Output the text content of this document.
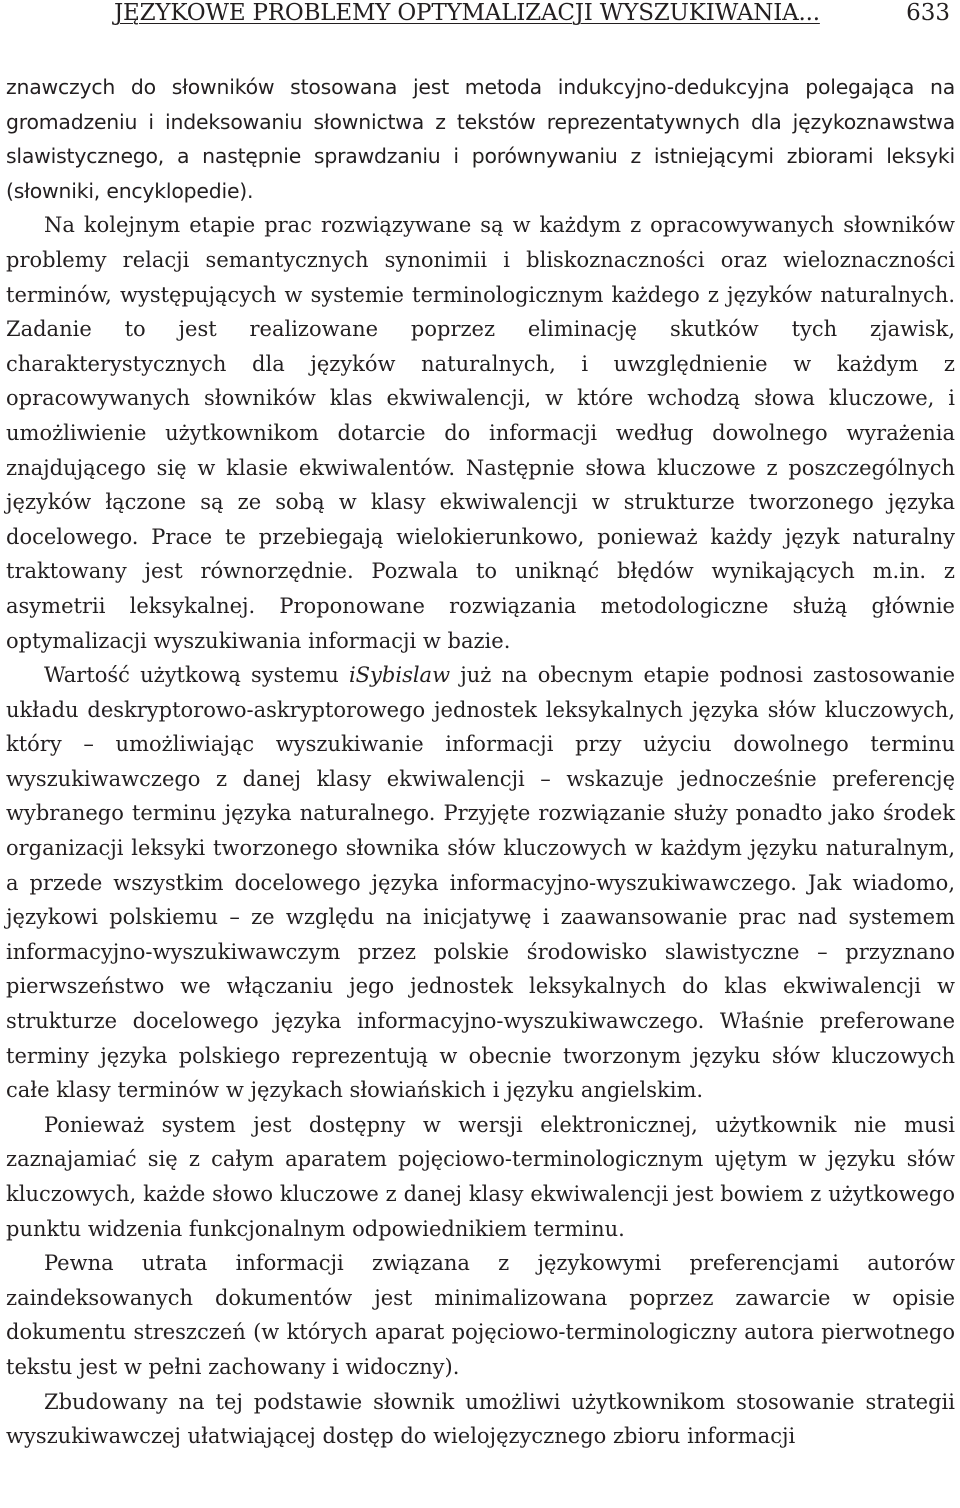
JĘZYKOWE PROBLEMY OPTYMALIZACJI WYSZUKIWANIA...	633

znawczych do słowników stosowana jest metoda indukcyjno-dedukcyjna polegająca na gromadzeniu i indeksowaniu słownictwa z tekstów reprezentatywnych dla językoznawstwa slawistycznego, a następnie sprawdzaniu i porównywaniu z istniejącymi zbiorami leksyki (słowniki, encyklopedie).

Na kolejnym etapie prac rozwiązywane są w każdym z opracowywanych słowników problemy relacji semantycznych synonimii i bliskoznaczności oraz wieloznaczności terminów, występujących w systemie terminologicznym każdego z języków naturalnych. Zadanie to jest realizowane poprzez eliminację skutków tych zjawisk, charakterystycznych dla języków naturalnych, i uwzględnienie w każdym z opracowywanych słowników klas ekwiwalencji, w które wchodzą słowa kluczowe, i umożliwienie użytkownikom dotarcie do informacji według dowolnego wyrażenia znajdującego się w klasie ekwiwalentów. Następnie słowa kluczowe z poszczególnych języków łączone są ze sobą w klasy ekwiwalencji w strukturze tworzonego języka docelowego. Prace te przebiegają wielokierunkowo, ponieważ każdy język naturalny traktowany jest równorzędnie. Pozwala to uniknąć błędów wynikających m.in. z asymetrii leksykalnej. Proponowane rozwiązania metodologiczne służą głównie optymalizacji wyszukiwania informacji w bazie.

Wartość użytkową systemu iSybislaw już na obecnym etapie podnosi zastosowanie układu deskryptorowo-askryptorowego jednostek leksykalnych języka słów kluczowych, który – umożliwiając wyszukiwanie informacji przy użyciu dowolnego terminu wyszukiwawczego z danej klasy ekwiwalencji – wskazuje jednocześnie preferencję wybranego terminu języka naturalnego. Przyjęte rozwiązanie służy ponadto jako środek organizacji leksyki tworzonego słownika słów kluczowych w każdym języku naturalnym, a przede wszystkim docelowego języka informacyjno-wyszukiwawczego. Jak wiadomo, językowi polskiemu – ze względu na inicjatywę i zaawansowanie prac nad systemem informacyjno-wyszukiwawczym przez polskie środowisko slawistyczne – przyznano pierwszeństwo we włączaniu jego jednostek leksykalnych do klas ekwiwalencji w strukturze docelowego języka informacyjno-wyszukiwawczego. Właśnie preferowane terminy języka polskiego reprezentują w obecnie tworzonym języku słów kluczowych całe klasy terminów w językach słowiańskich i języku angielskim.

Ponieważ system jest dostępny w wersji elektronicznej, użytkownik nie musi zaznajamiać się z całym aparatem pojęciowo-terminologicznym ujętym w języku słów kluczowych, każde słowo kluczowe z danej klasy ekwiwalencji jest bowiem z użytkowego punktu widzenia funkcjonalnym odpowiednikiem terminu.

Pewna utrata informacji związana z językowymi preferencjami autorów zaindeksowanych dokumentów jest minimalizowana poprzez zawarcie w opisie dokumentu streszczeń (w których aparat pojęciowo-terminologiczny autora pierwotnego tekstu jest w pełni zachowany i widoczny).

Zbudowany na tej podstawie słownik umożliwi użytkownikom stosowanie strategii wyszukiwawczej ułatwiającej dostęp do wielojęzycznego zbioru informacji
